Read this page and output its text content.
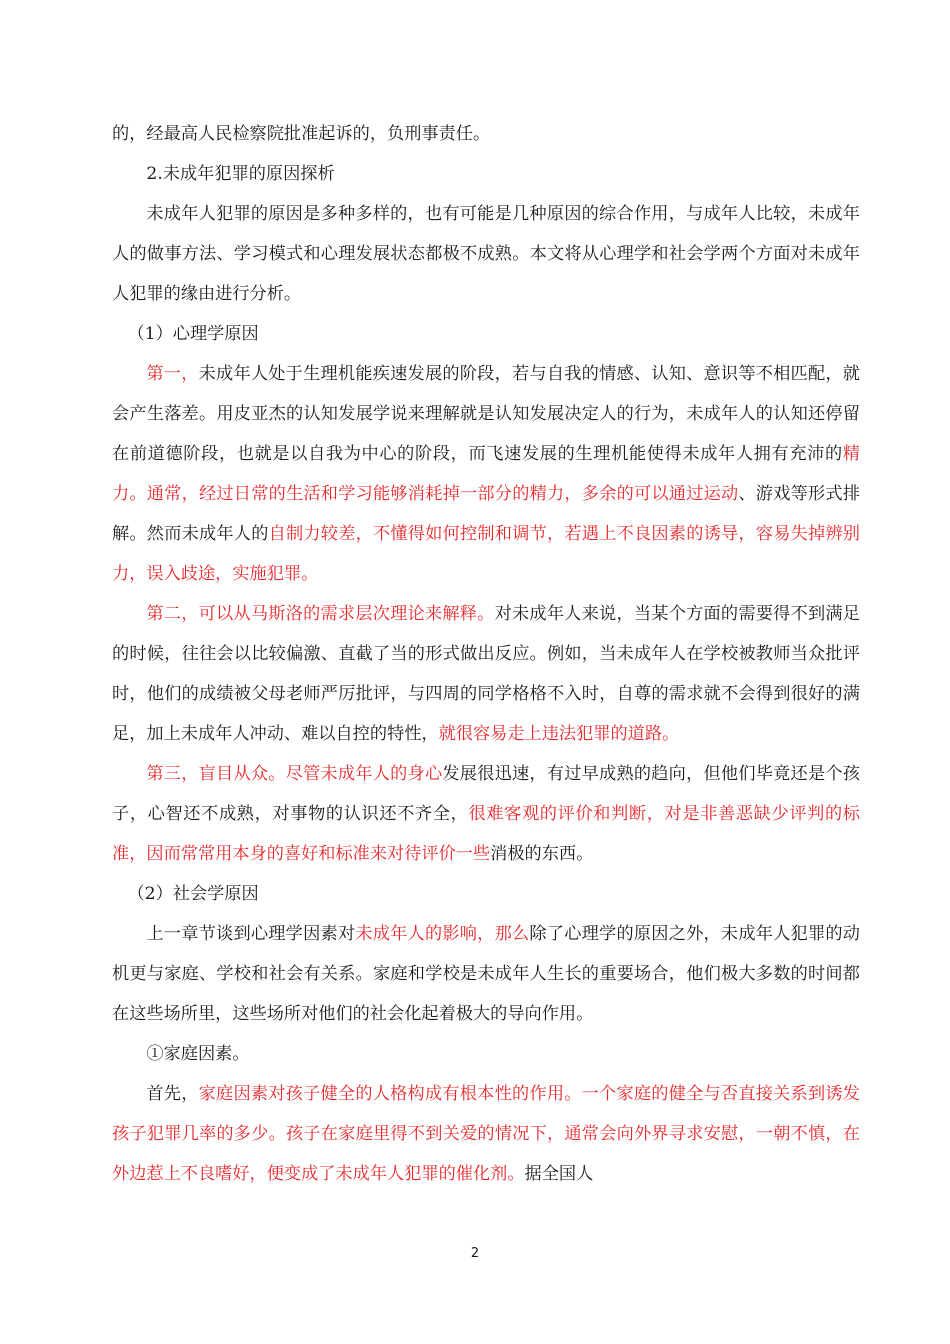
的，经最高人民检察院批准起诉的，负刑事责任。

2.未成年犯罪的原因探析

未成年人犯罪的原因是多种多样的，也有可能是几种原因的综合作用，与成年人比较，未成年人的做事方法、学习模式和心理发展状态都极不成熟。本文将从心理学和社会学两个方面对未成年人犯罪的缘由进行分析。

（1）心理学原因

第一，未成年人处于生理机能疾速发展的阶段，若与自我的情感、认知、意识等不相匹配，就会产生落差。用皮亚杰的认知发展学说来理解就是认知发展决定人的行为，未成年人的认知还停留在前道德阶段，也就是以自我为中心的阶段，而飞速发展的生理机能使得未成年人拥有充沛的精力。通常，经过日常的生活和学习能够消耗掉一部分的精力，多余的可以通过运动、游戏等形式排解。然而未成年人的自制力较差，不懂得如何控制和调节，若遇上不良因素的诱导，容易失掉辨别力，误入歧途，实施犯罪。

第二，可以从马斯洛的需求层次理论来解释。对未成年人来说，当某个方面的需要得不到满足的时候，往往会以比较偏激、直截了当的形式做出反应。例如，当未成年人在学校被教师当众批评时，他们的成绩被父母老师严厉批评，与四周的同学格格不入时，自尊的需求就不会得到很好的满足，加上未成年人冲动、难以自控的特性，就很容易走上违法犯罪的道路。

第三，盲目从众。尽管未成年人的身心发展很迅速，有过早成熟的趋向，但他们毕竟还是个孩子，心智还不成熟，对事物的认识还不齐全，很难客观的评价和判断，对是非善恶缺少评判的标准，因而常常用本身的喜好和标准来对待评价一些消极的东西。

（2）社会学原因

上一章节谈到心理学因素对未成年人的影响，那么除了心理学的原因之外，未成年人犯罪的动机更与家庭、学校和社会有关系。家庭和学校是未成年人生长的重要场合，他们极大多数的时间都在这些场所里，这些场所对他们的社会化起着极大的导向作用。

①家庭因素。

首先，家庭因素对孩子健全的人格构成有根本性的作用。一个家庭的健全与否直接关系到诱发孩子犯罪几率的多少。孩子在家庭里得不到关爱的情况下，通常会向外界寻求安慰，一朝不慎，在外边惹上不良嗜好，便变成了未成年人犯罪的催化剂。据全国人

2
